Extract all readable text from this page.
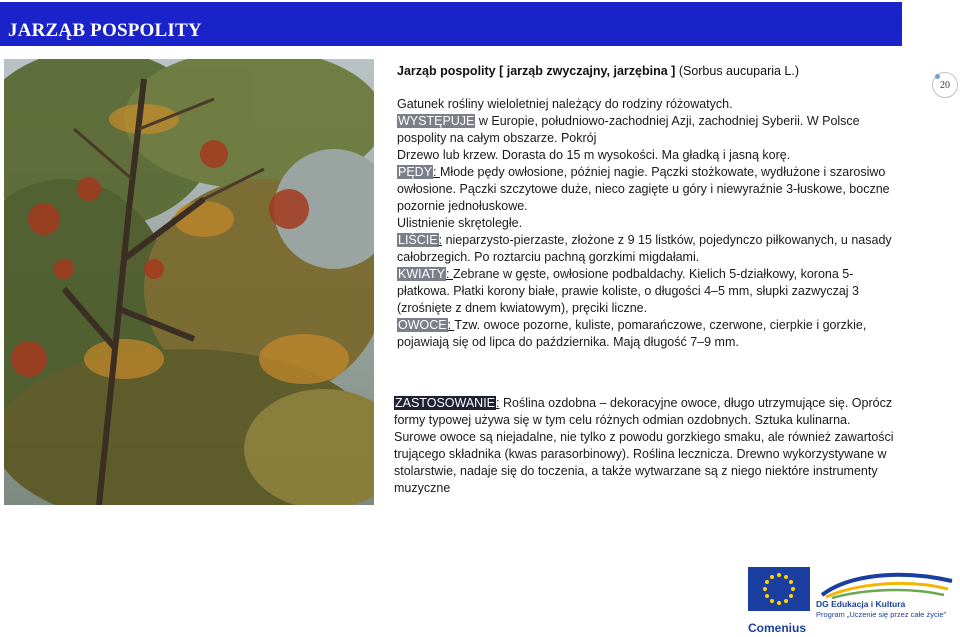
JARZĄB POSPOLITY
Jarząb pospolity [ jarząb zwyczajny, jarzębina ] (Sorbus aucuparia L.)
20

Gatunek rośliny wieloletniej należący do rodziny różowatych.

WYSTĘPUJE w Europie, południowo-zachodniej Azji, zachodniej Syberii. W Polsce pospolity na całym obszarze. Pokrój

Drzewo lub krzew. Dorasta do 15 m wysokości. Ma gładką i jasną korę.

PĘDY: Młode pędy owłosione, później nagie. Pączki stożkowate, wydłużone i szarosiwo owłosione. Pączki szczytowe duże, nieco zagięte u góry i niewyraźnie 3-łuskowe, boczne pozornie jednołuskowe.

Ulistnienie skrętoległe.

LIŚCIE: nieparzysto-pierzaste, złożone z 9 15 listków, pojedynczo piłkowanych, u nasady całobrzegich. Po roztarciu pachną gorzkimi migdałami.

KWIATY: Zebrane w gęste, owłosione podbaldachy. Kielich 5-działkowy, korona 5-płatkowa. Płatki korony białe, prawie koliste, o długości 4–5 mm, słupki zazwyczaj 3 (zrośnięte z dnem kwiatowym), pręciki liczne.

OWOCE: Tzw. owoce pozorne, kuliste, pomarańczowe, czerwone, cierpkie i gorzkie, pojawiają się od lipca do października. Mają długość 7–9 mm.

ZASTOSOWANIE: Roślina ozdobna – dekoracyjne owoce, długo utrzymujące się. Oprócz formy typowej używa się w tym celu różnych odmian ozdobnych. Sztuka kulinarna. Surowe owoce są niejadalne, nie tylko z powodu gorzkiego smaku, ale również zawartości trującego składnika (kwas parasorbinowy). Roślina lecznicza. Drewno wykorzystywane w stolarstwie, nadaje się do toczenia, a także wytwarzane są z niego niektóre instrumenty muzyczne

DG Edukacja i Kultura
Program „Uczenie się przez całe życie"
Comenius
